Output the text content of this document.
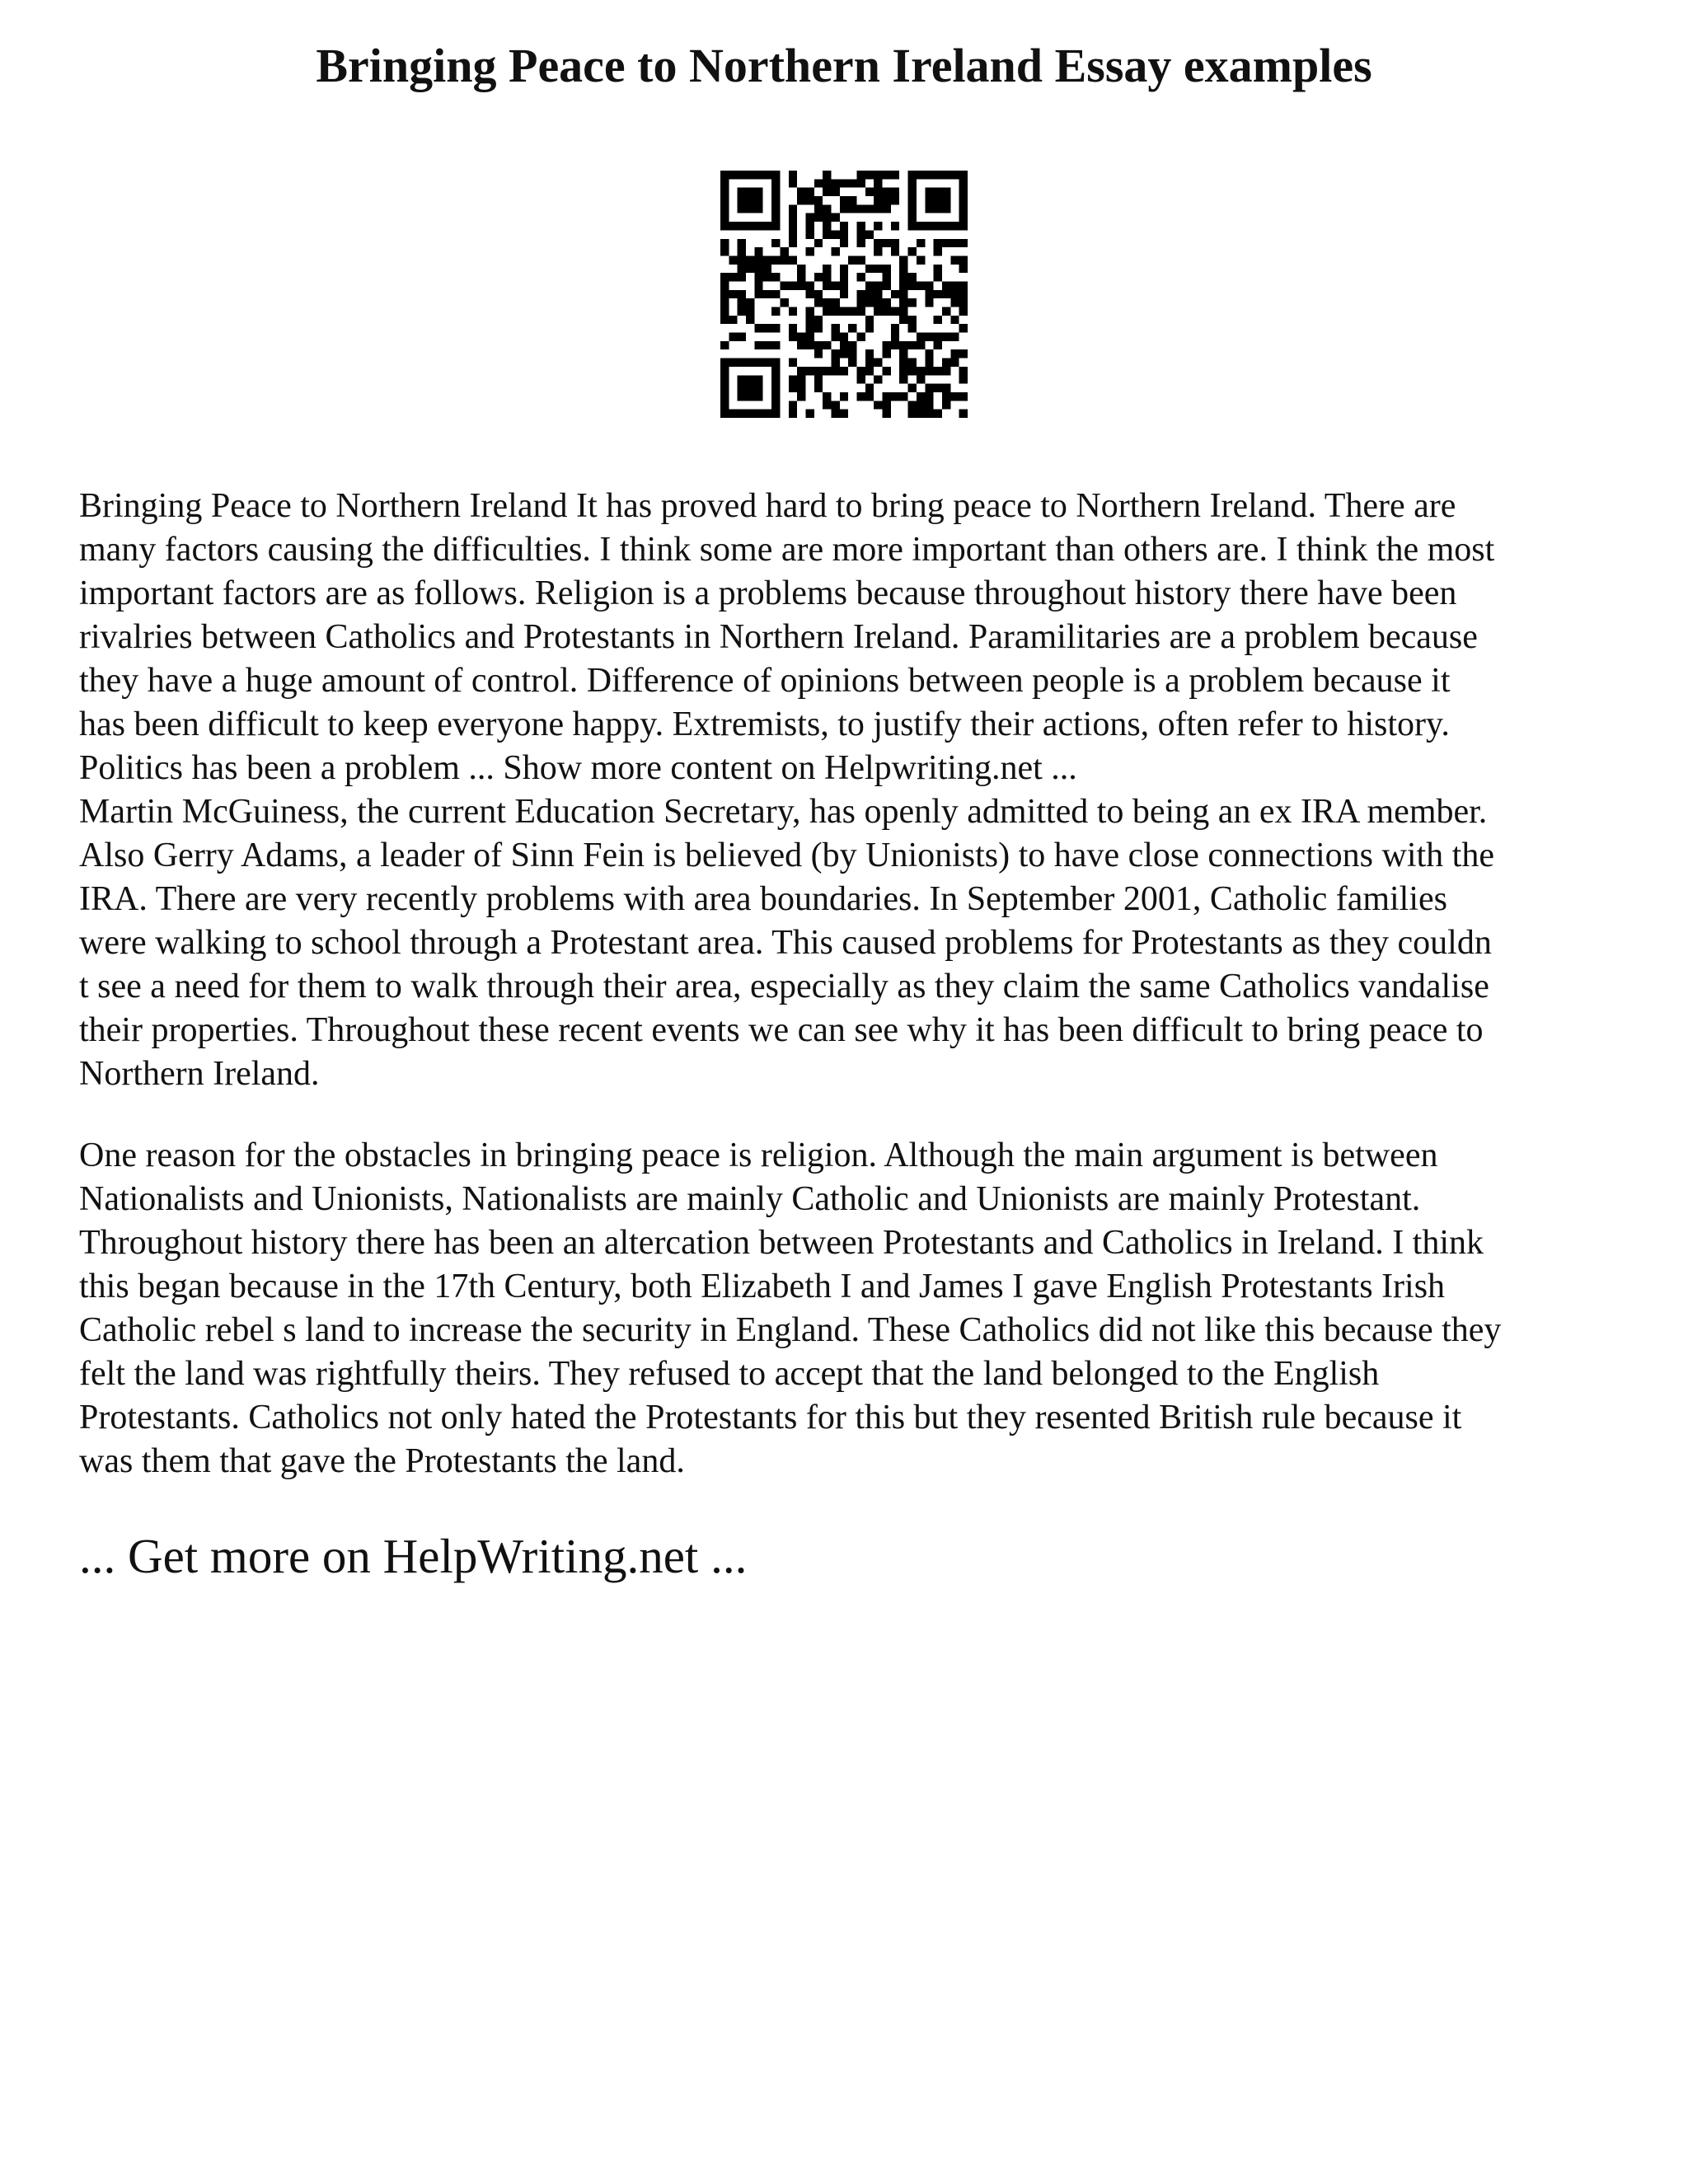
Bringing Peace to Northern Ireland Essay examples

Bringing Peace to Northern Ireland It has proved hard to bring peace to Northern Ireland. There are
many factors causing the difficulties. I think some are more important than others are. I think the most
important factors are as follows. Religion is a problems because throughout history there have been
rivalries between Catholics and Protestants in Northern Ireland. Paramilitaries are a problem because
they have a huge amount of control. Difference of opinions between people is a problem because it
has been difficult to keep everyone happy. Extremists, to justify their actions, often refer to history.
Politics has been a problem ... Show more content on Helpwriting.net ...
Martin McGuiness, the current Education Secretary, has openly admitted to being an ex IRA member.
Also Gerry Adams, a leader of Sinn Fein is believed (by Unionists) to have close connections with the
IRA. There are very recently problems with area boundaries. In September 2001, Catholic families
were walking to school through a Protestant area. This caused problems for Protestants as they couldn
t see a need for them to walk through their area, especially as they claim the same Catholics vandalise
their properties. Throughout these recent events we can see why it has been difficult to bring peace to
Northern Ireland.

One reason for the obstacles in bringing peace is religion. Although the main argument is between
Nationalists and Unionists, Nationalists are mainly Catholic and Unionists are mainly Protestant.
Throughout history there has been an altercation between Protestants and Catholics in Ireland. I think
this began because in the 17th Century, both Elizabeth I and James I gave English Protestants Irish
Catholic rebel s land to increase the security in England. These Catholics did not like this because they
felt the land was rightfully theirs. They refused to accept that the land belonged to the English
Protestants. Catholics not only hated the Protestants for this but they resented British rule because it
was them that gave the Protestants the land.

... Get more on HelpWriting.net ...
